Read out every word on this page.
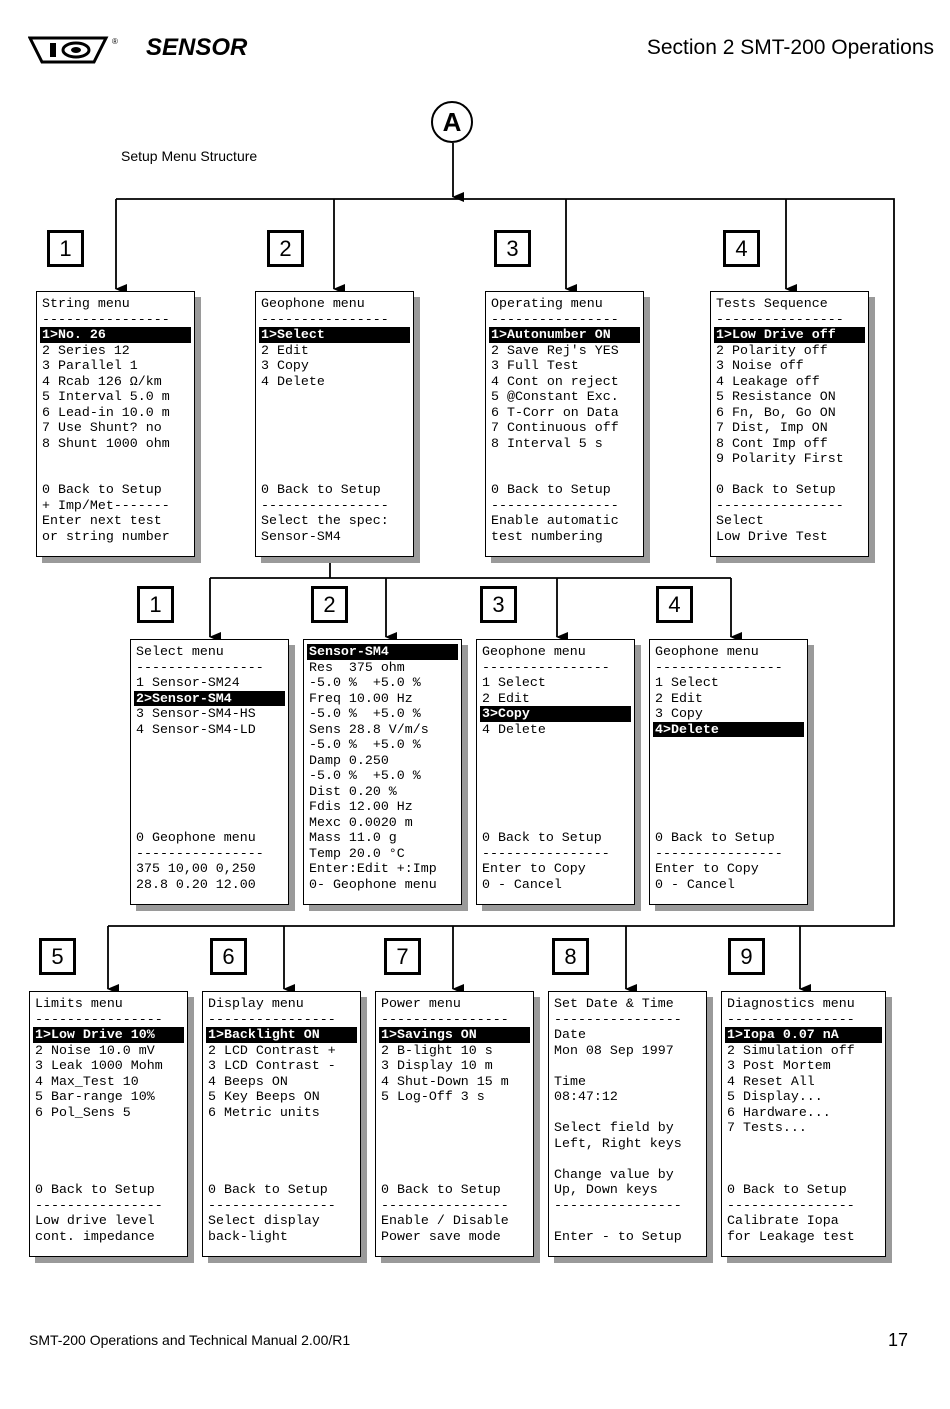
® SENSOR	Section 2 SMT-200 Operations
Setup Menu Structure
A
1	2	3	4
1	2	3	4
5	6	7	8	9
String menu
----------------
1>No. 26
2 Series 12
3 Parallel 1
4 Rcab 126 Ω/km
5 Interval 5.0 m
6 Lead-in 10.0 m
7 Use Shunt? no
8 Shunt 1000 ohm
0 Back to Setup
+ Imp/Met-------
Enter next test
or string number
Geophone menu
----------------
1>Select
2 Edit
3 Copy
4 Delete
0 Back to Setup
----------------
Select the spec:
Sensor-SM4
Operating menu
----------------
1>Autonumber ON
2 Save Rej's YES
3 Full Test
4 Cont on reject
5 @Constant Exc.
6 T-Corr on Data
7 Continuous off
8 Interval 5 s
0 Back to Setup
----------------
Enable automatic
test numbering
Tests Sequence
----------------
1>Low Drive off
2 Polarity off
3 Noise off
4 Leakage off
5 Resistance ON
6 Fn, Bo, Go ON
7 Dist, Imp ON
8 Cont Imp off
9 Polarity First
0 Back to Setup
----------------
Select
Low Drive Test
Select menu
----------------
1 Sensor-SM24
2>Sensor-SM4
3 Sensor-SM4-HS
4 Sensor-SM4-LD
0 Geophone menu
----------------
375 10,00 0,250
28.8 0.20 12.00
Sensor-SM4
Res  375 ohm
-5.0 %  +5.0 %
Freq 10.00 Hz
-5.0 %  +5.0 %
Sens 28.8 V/m/s
-5.0 %  +5.0 %
Damp 0.250
-5.0 %  +5.0 %
Dist 0.20 %
Fdis 12.00 Hz
Mexc 0.0020 m
Mass 11.0 g
Temp 20.0 °C
Enter:Edit +:Imp
0- Geophone menu
Geophone menu
----------------
1 Select
2 Edit
3>Copy
4 Delete
0 Back to Setup
----------------
Enter to Copy
0 - Cancel
Geophone menu
----------------
1 Select
2 Edit
3 Copy
4>Delete
0 Back to Setup
----------------
Enter to Copy
0 - Cancel
Limits menu
----------------
1>Low Drive 10%
2 Noise 10.0 mV
3 Leak 1000 Mohm
4 Max_Test 10
5 Bar-range 10%
6 Pol_Sens 5
0 Back to Setup
----------------
Low drive level
cont. impedance
Display menu
----------------
1>Backlight ON
2 LCD Contrast +
3 LCD Contrast -
4 Beeps ON
5 Key Beeps ON
6 Metric units
0 Back to Setup
----------------
Select display
back-light
Power menu
----------------
1>Savings ON
2 B-light 10 s
3 Display 10 m
4 Shut-Down 15 m
5 Log-Off 3 s
0 Back to Setup
----------------
Enable / Disable
Power save mode
Set Date & Time
----------------
Date
Mon 08 Sep 1997
Time
08:47:12
Select field by
Left, Right keys
Change value by
Up, Down keys
----------------
Enter - to Setup
Diagnostics menu
----------------
1>Iopa 0.07 nA
2 Simulation off
3 Post Mortem
4 Reset All
5 Display...
6 Hardware...
7 Tests...
0 Back to Setup
----------------
Calibrate Iopa
for Leakage test
SMT-200 Operations and Technical Manual 2.00/R1	17
